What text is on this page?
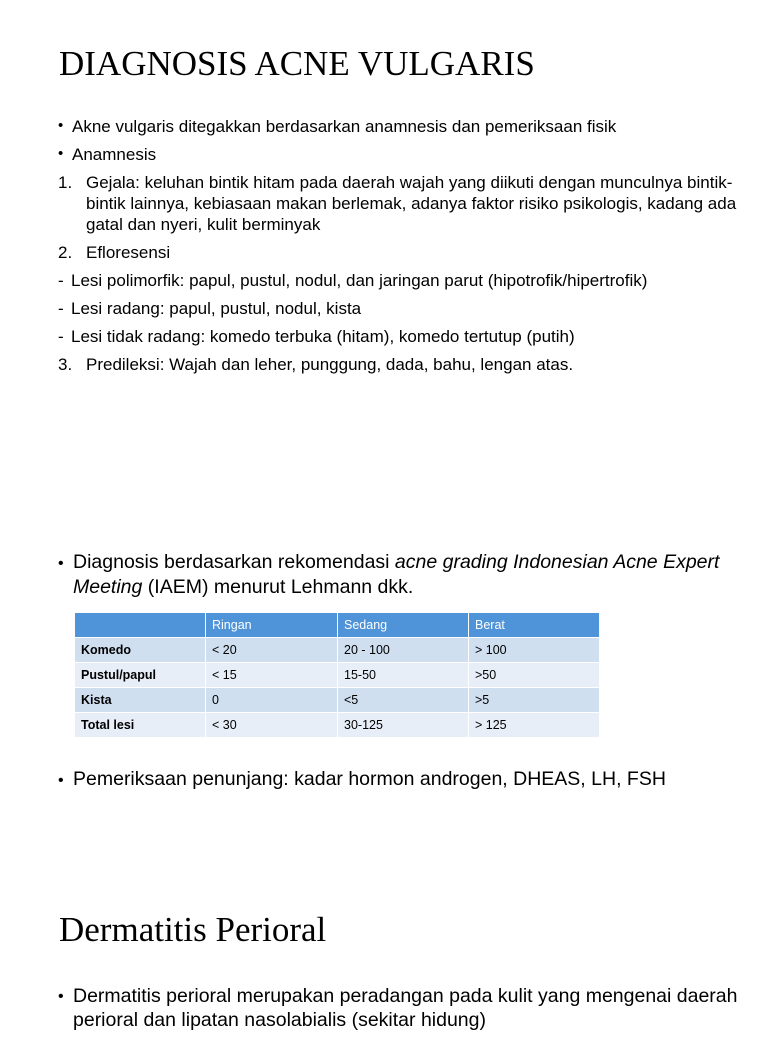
DIAGNOSIS ACNE VULGARIS
• Akne vulgaris ditegakkan berdasarkan anamnesis dan pemeriksaan fisik
• Anamnesis
1. Gejala: keluhan bintik hitam pada daerah wajah yang diikuti dengan munculnya bintik-bintik lainnya, kebiasaan makan berlemak, adanya faktor risiko psikologis, kadang ada gatal dan nyeri, kulit berminyak
2. Efloresensi
- Lesi polimorfik: papul, pustul, nodul, dan jaringan parut (hipotrofik/hipertrofik)
- Lesi radang: papul, pustul, nodul, kista
- Lesi tidak radang: komedo terbuka (hitam), komedo tertutup (putih)
3. Predileksi: Wajah dan leher, punggung, dada, bahu, lengan atas.
• Diagnosis berdasarkan rekomendasi acne grading Indonesian Acne Expert Meeting (IAEM) menurut Lehmann dkk.
	Ringan	Sedang	Berat
Komedo	< 20	20 - 100	> 100
Pustul/papul	< 15	15-50	>50
Kista	0	<5	>5
Total lesi	< 30	30-125	> 125
• Pemeriksaan penunjang: kadar hormon androgen, DHEAS, LH, FSH
Dermatitis Perioral
• Dermatitis perioral merupakan peradangan pada kulit yang mengenai daerah perioral dan lipatan nasolabialis (sekitar hidung)
